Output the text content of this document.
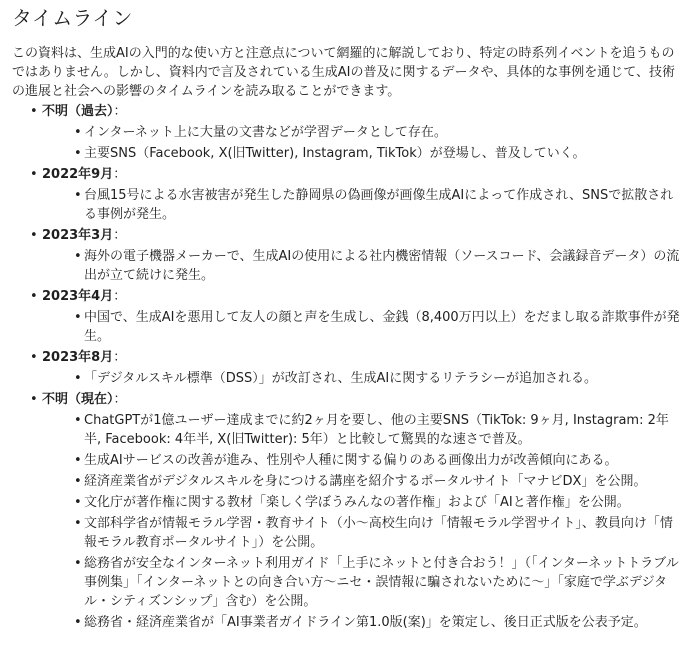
タイムライン

この資料は、生成AIの入門的な使い方と注意点について網羅的に解説しており、特定の時系列イベントを追うものではありません。しかし、資料内で言及されている生成AIの普及に関するデータや、具体的な事例を通じて、技術の進展と社会への影響のタイムラインを読み取ることができます。

• 不明（過去）：
• インターネット上に大量の文書などが学習データとして存在。
• 主要SNS（Facebook, X(旧Twitter), Instagram, TikTok）が登場し、普及していく。
• 2022年9月：
• 台風15号による水害被害が発生した静岡県の偽画像が画像生成AIによって作成され、SNSで拡散される事例が発生。
• 2023年3月：
• 海外の電子機器メーカーで、生成AIの使用による社内機密情報（ソースコード、会議録音データ）の流出が立て続けに発生。
• 2023年4月：
• 中国で、生成AIを悪用して友人の顔と声を生成し、金銭（8,400万円以上）をだまし取る詐欺事件が発生。
• 2023年8月：
• 「デジタルスキル標準（DSS）」が改訂され、生成AIに関するリテラシーが追加される。
• 不明（現在）：
• ChatGPTが1億ユーザー達成までに約2ヶ月を要し、他の主要SNS（TikTok: 9ヶ月, Instagram: 2年半, Facebook: 4年半, X(旧Twitter): 5年）と比較して驚異的な速さで普及。
• 生成AIサービスの改善が進み、性別や人種に関する偏りのある画像出力が改善傾向にある。
• 経済産業省がデジタルスキルを身につける講座を紹介するポータルサイト「マナビDX」を公開。
• 文化庁が著作権に関する教材「楽しく学ぼうみんなの著作権」および「AIと著作権」を公開。
• 文部科学省が情報モラル学習・教育サイト（小〜高校生向け「情報モラル学習サイト」、教員向け「情報モラル教育ポータルサイト」）を公開。
• 総務省が安全なインターネット利用ガイド「上手にネットと付き合おう！」（「インターネットトラブル事例集」「インターネットとの向き合い方〜ニセ・誤情報に騙されないために〜」「家庭で学ぶデジタル・シティズンシップ」含む）を公開。
• 総務省・経済産業省が「AI事業者ガイドライン第1.0版(案)」を策定し、後日正式版を公表予定。
